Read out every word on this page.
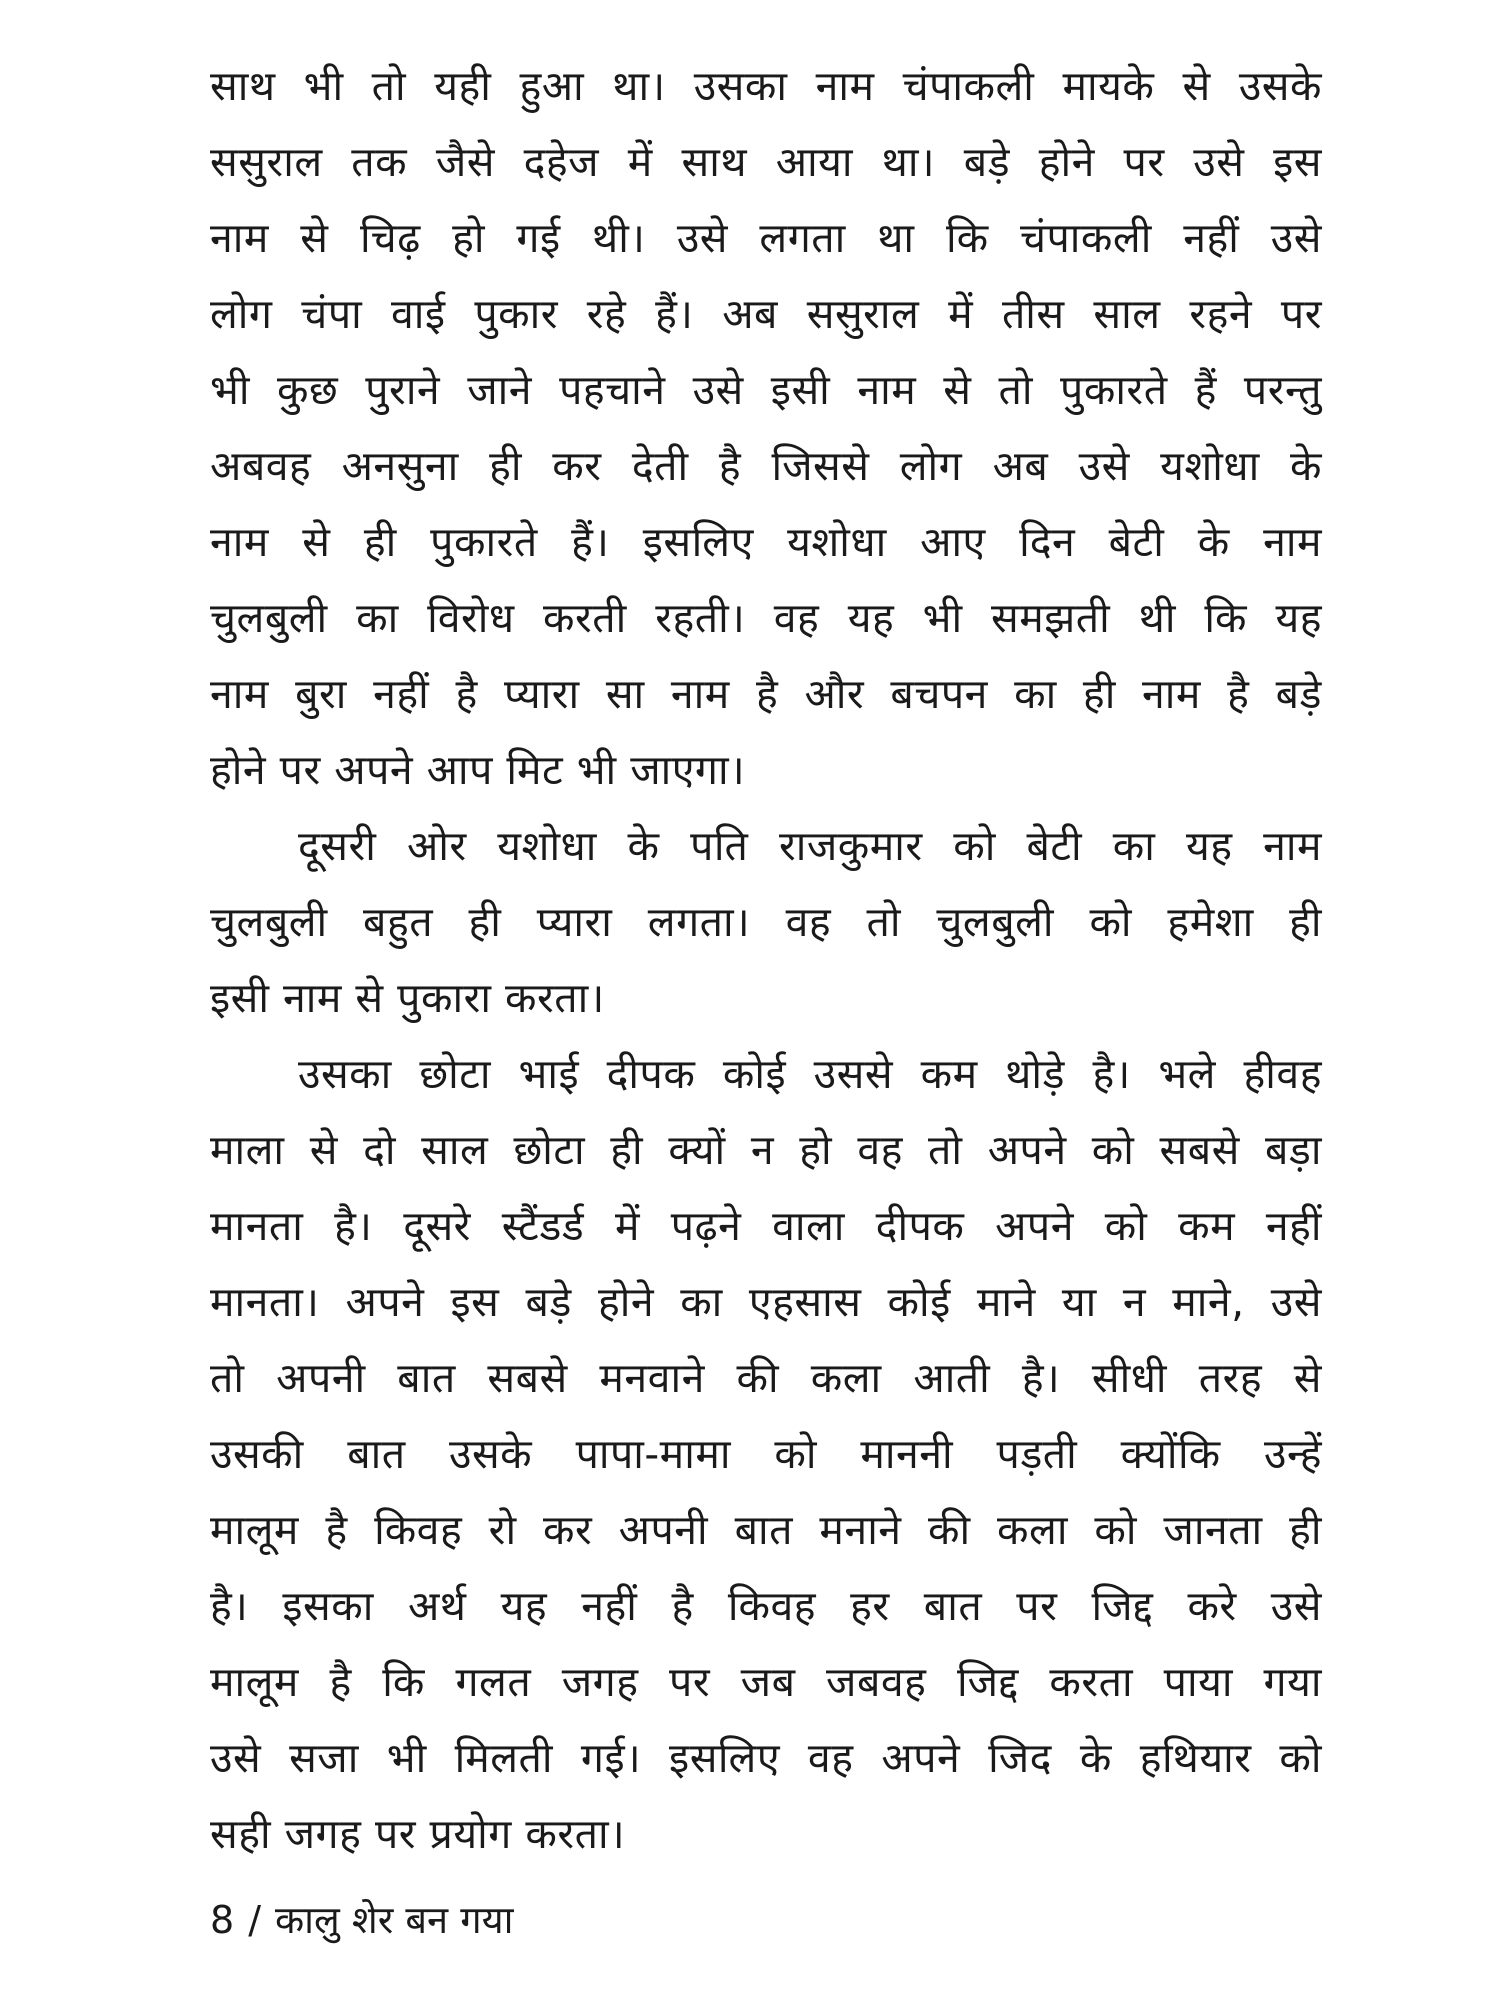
साथ भी तो यही हुआ था। उसका नाम चंपाकली मायके से उसके
ससुराल तक जैसे दहेज में साथ आया था। बड़े होने पर उसे इस
नाम से चिढ़ हो गई थी। उसे लगता था कि चंपाकली नहीं उसे
लोग चंपा वाई पुकार रहे हैं। अब ससुराल में तीस साल रहने पर
भी कुछ पुराने जाने पहचाने उसे इसी नाम से तो पुकारते हैं परन्तु
अबवह अनसुना ही कर देती है जिससे लोग अब उसे यशोधा के
नाम से ही पुकारते हैं। इसलिए यशोधा आए दिन बेटी के नाम
चुलबुली का विरोध करती रहती। वह यह भी समझती थी कि यह
नाम बुरा नहीं है प्यारा सा नाम है और बचपन का ही नाम है बड़े
होने पर अपने आप मिट भी जाएगा।
दूसरी ओर यशोधा के पति राजकुमार को बेटी का यह नाम
चुलबुली बहुत ही प्यारा लगता। वह तो चुलबुली को हमेशा ही
इसी नाम से पुकारा करता।
उसका छोटा भाई दीपक कोई उससे कम थोड़े है। भले हीवह
माला से दो साल छोटा ही क्यों न हो वह तो अपने को सबसे बड़ा
मानता है। दूसरे स्टैंडर्ड में पढ़ने वाला दीपक अपने को कम नहीं
मानता। अपने इस बड़े होने का एहसास कोई माने या न माने, उसे
तो अपनी बात सबसे मनवाने की कला आती है। सीधी तरह से
उसकी बात उसके पापा-मामा को माननी पड़ती क्योंकि उन्हें
मालूम है किवह रो कर अपनी बात मनाने की कला को जानता ही
है। इसका अर्थ यह नहीं है किवह हर बात पर जिद्द करे उसे
मालूम है कि गलत जगह पर जब जबवह जिद्द करता पाया गया
उसे सजा भी मिलती गई। इसलिए वह अपने जिद के हथियार को
सही जगह पर प्रयोग करता।
8 / कालु शेर बन गया
